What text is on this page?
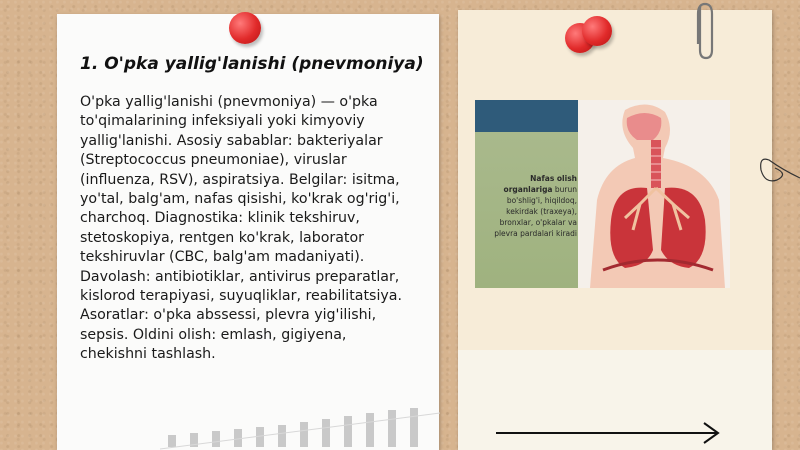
1. O'pka yallig'lanishi (pnevmoniya)
O'pka yallig'lanishi (pnevmoniya) — o'pka to'qimalarining infeksiyali yoki kimyoviy yallig'lanishi. Asosiy sabablar: bakteriyalar (Streptococcus pneumoniae), viruslar (influenza, RSV), aspiratsiya. Belgilar: isitma, yo'tal, balg'am, nafas qisishi, ko'krak og'rig'i, charchoq. Diagnostika: klinik tekshiruv, stetoskopiya, rentgen ko'krak, laborator tekshiruvlar (CBC, balg'am madaniyati). Davolash: antibiotiklar, antivirus preparatlar, kislorod terapiyasi, suyuqliklar, reabilitatsiya. Asoratlar: o'pka abssessi, plevra yig'ilishi, sepsis. Oldini olish: emlash, gigiyena, chekishni tashlash.
Nafas olish organlariga burun bo'shlig'i, hiqildoq, kekirdak (traxeya), bronxlar, o'pkalar va plevra pardalari kiradi
